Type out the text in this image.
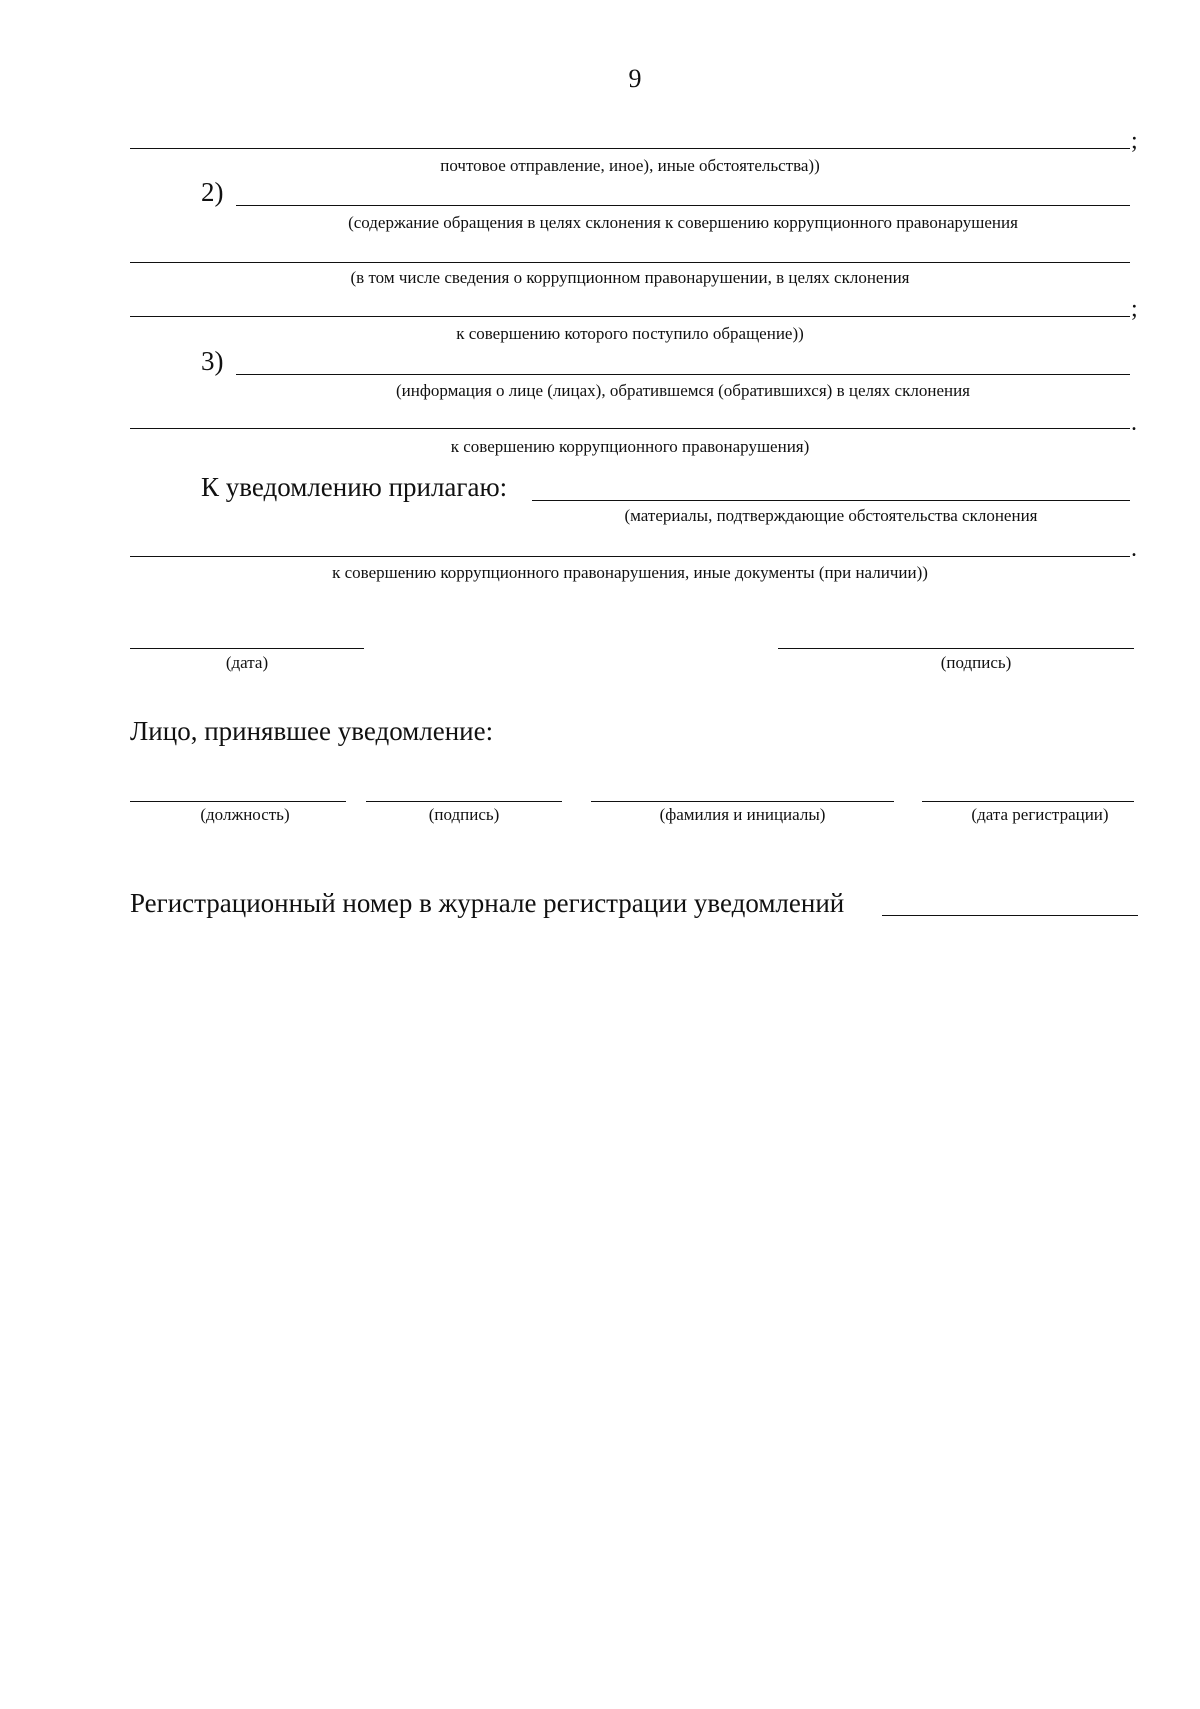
9
;
почтовое отправление, иное), иные обстоятельства))
2)
(содержание обращения в целях склонения к совершению коррупционного правонарушения
(в том числе сведения о коррупционном правонарушении, в целях склонения
;
к совершению которого поступило обращение))
3)
(информация о лице (лицах), обратившемся (обратившихся) в целях склонения
.
к совершению коррупционного правонарушения)
К уведомлению прилагаю:
(материалы, подтверждающие обстоятельства склонения
.
к совершению коррупционного правонарушения, иные документы (при наличии))
(дата)	(подпись)
Лицо, принявшее уведомление:
(должность)	(подпись)	(фамилия и инициалы)	(дата регистрации)
Регистрационный номер в журнале регистрации уведомлений
